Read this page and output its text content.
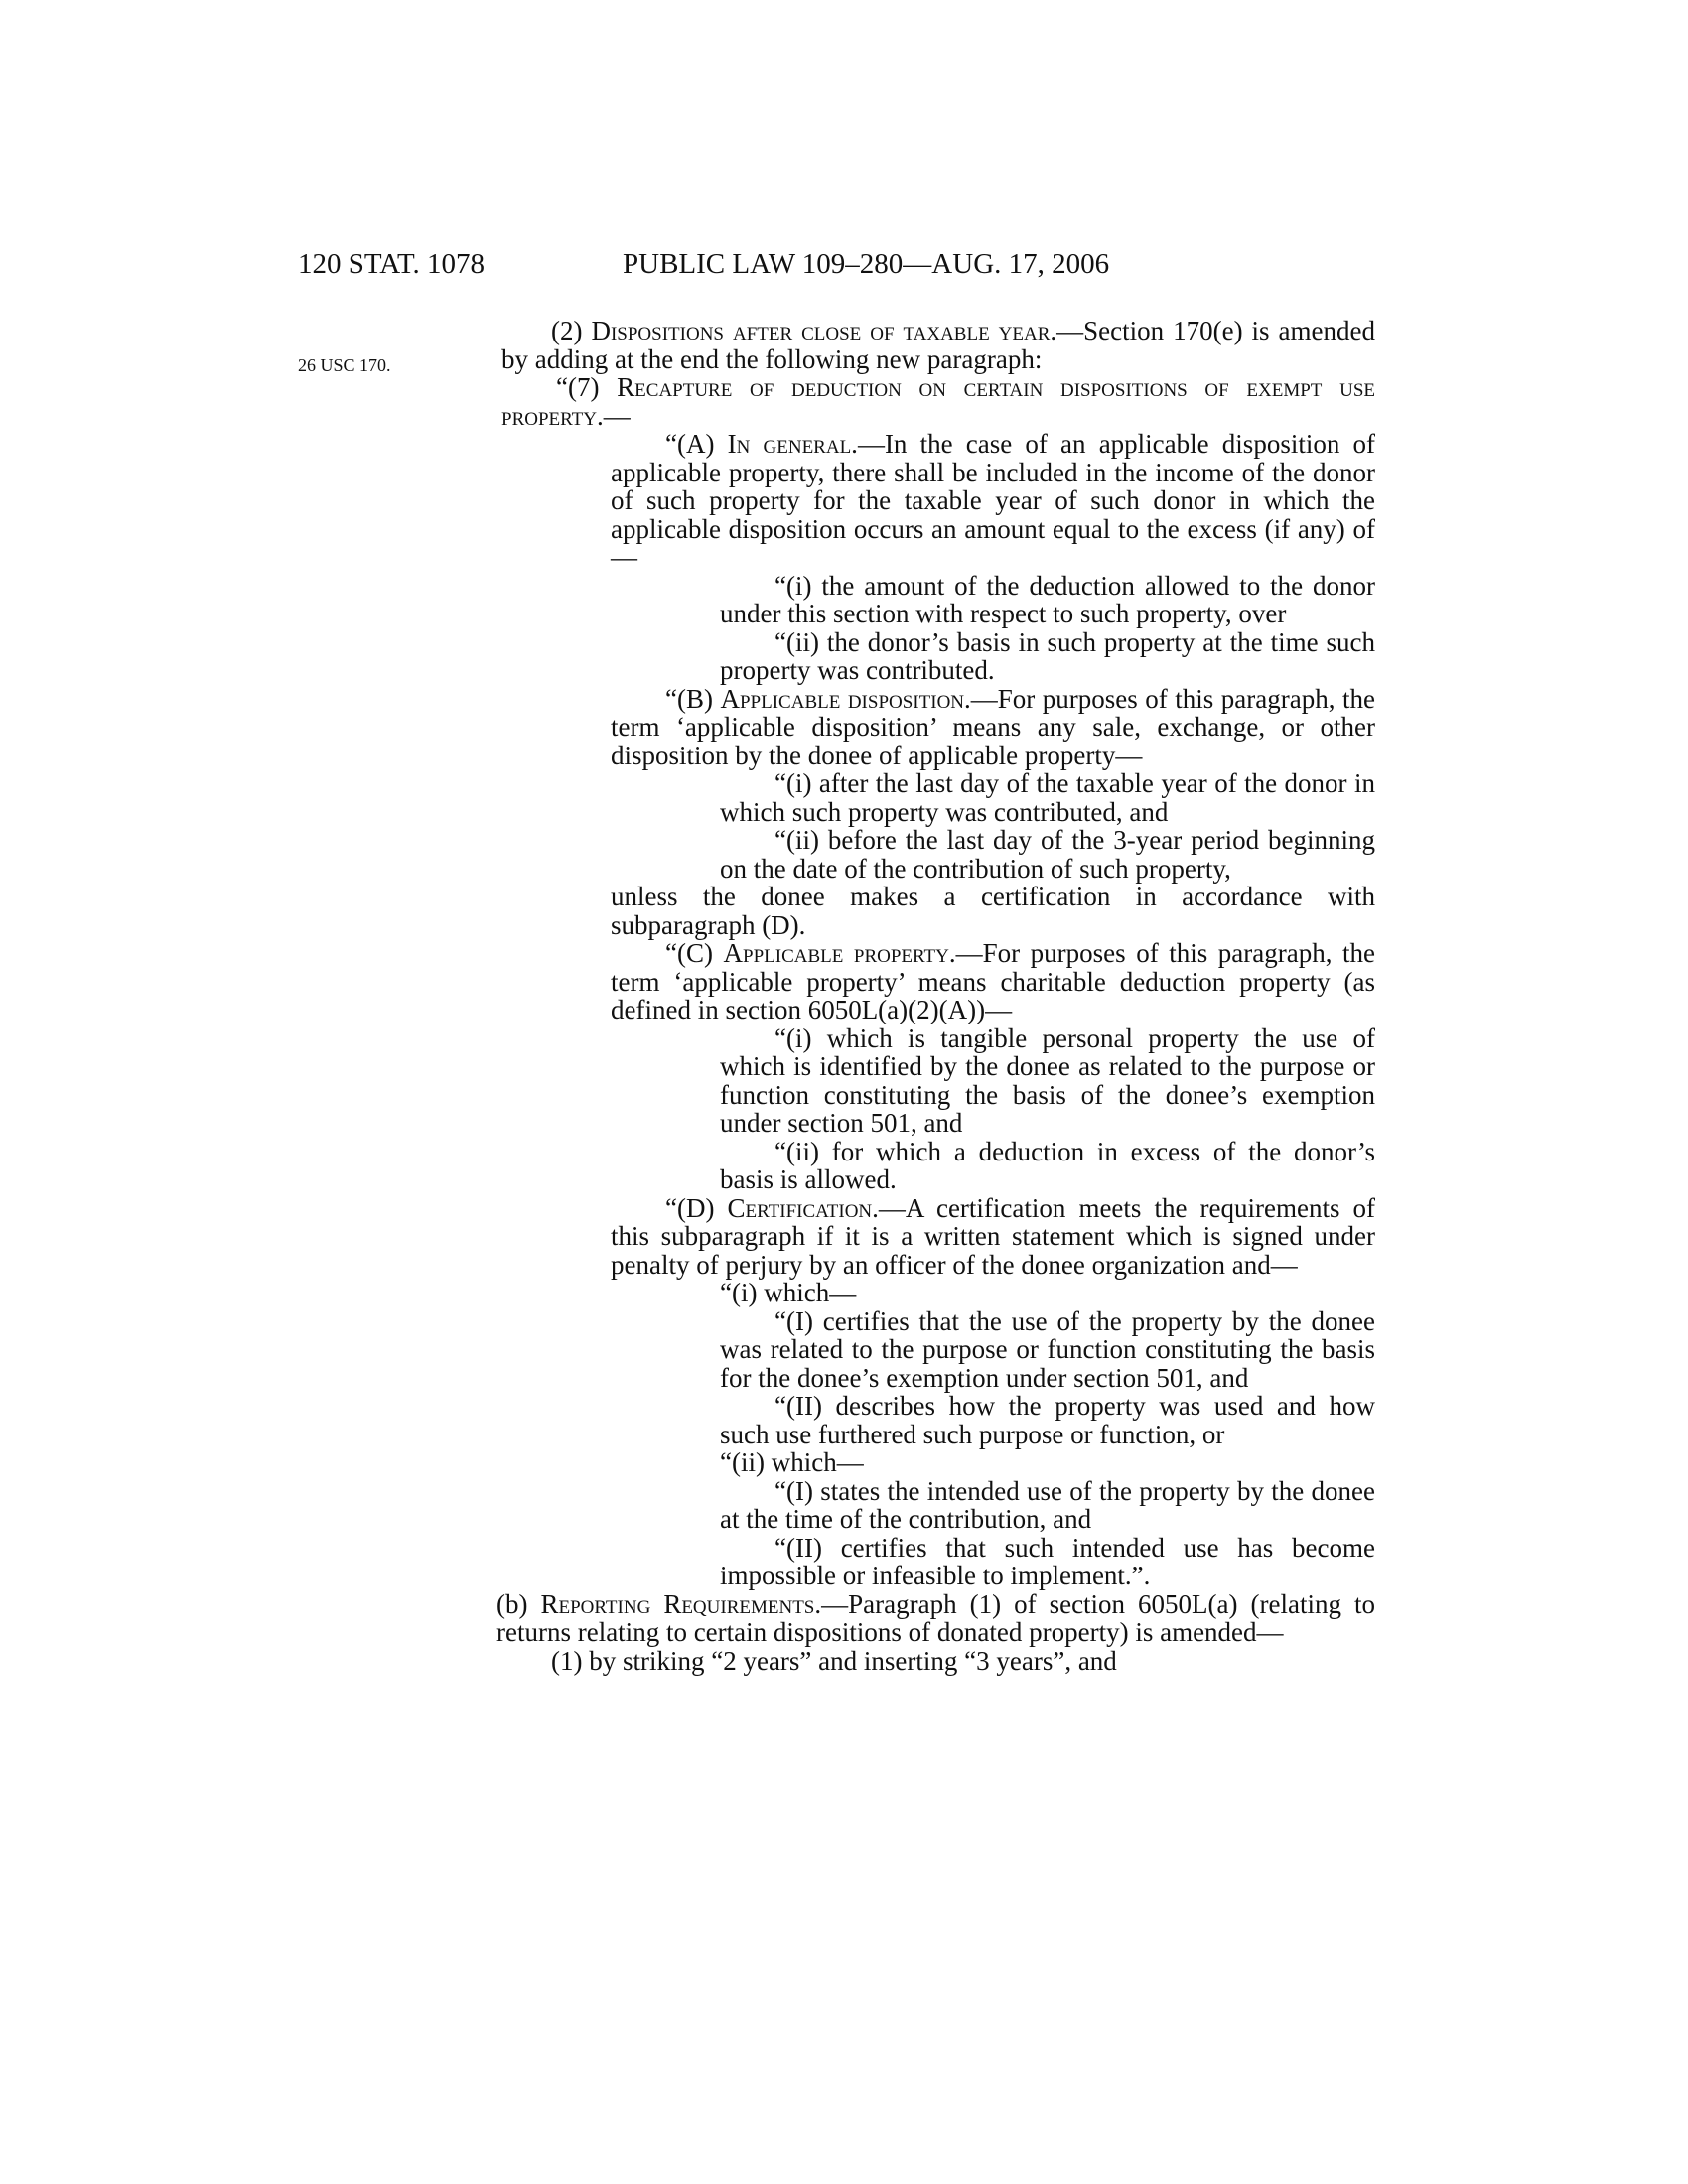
120 STAT. 1078	PUBLIC LAW 109–280—AUG. 17, 2006
26 USC 170.

(2) Dispositions after close of taxable year.—Section 170(e) is amended by adding at the end the following new paragraph:

“(7) Recapture of deduction on certain dispositions of exempt use property.—

“(A) In general.—In the case of an applicable disposition of applicable property, there shall be included in the income of the donor of such property for the taxable year of such donor in which the applicable disposition occurs an amount equal to the excess (if any) of—

“(i) the amount of the deduction allowed to the donor under this section with respect to such property, over

“(ii) the donor’s basis in such property at the time such property was contributed.

“(B) Applicable disposition.—For purposes of this paragraph, the term ‘applicable disposition’ means any sale, exchange, or other disposition by the donee of applicable property—

“(i) after the last day of the taxable year of the donor in which such property was contributed, and

“(ii) before the last day of the 3-year period beginning on the date of the contribution of such property,

unless the donee makes a certification in accordance with subparagraph (D).

“(C) Applicable property.—For purposes of this paragraph, the term ‘applicable property’ means charitable deduction property (as defined in section 6050L(a)(2)(A))—

“(i) which is tangible personal property the use of which is identified by the donee as related to the purpose or function constituting the basis of the donee’s exemption under section 501, and

“(ii) for which a deduction in excess of the donor’s basis is allowed.

“(D) Certification.—A certification meets the requirements of this subparagraph if it is a written statement which is signed under penalty of perjury by an officer of the donee organization and—

“(i) which—

“(I) certifies that the use of the property by the donee was related to the purpose or function constituting the basis for the donee’s exemption under section 501, and

“(II) describes how the property was used and how such use furthered such purpose or function, or

“(ii) which—

“(I) states the intended use of the property by the donee at the time of the contribution, and

“(II) certifies that such intended use has become impossible or infeasible to implement.”.

(b) Reporting Requirements.—Paragraph (1) of section 6050L(a) (relating to returns relating to certain dispositions of donated property) is amended—

(1) by striking “2 years” and inserting “3 years”, and
